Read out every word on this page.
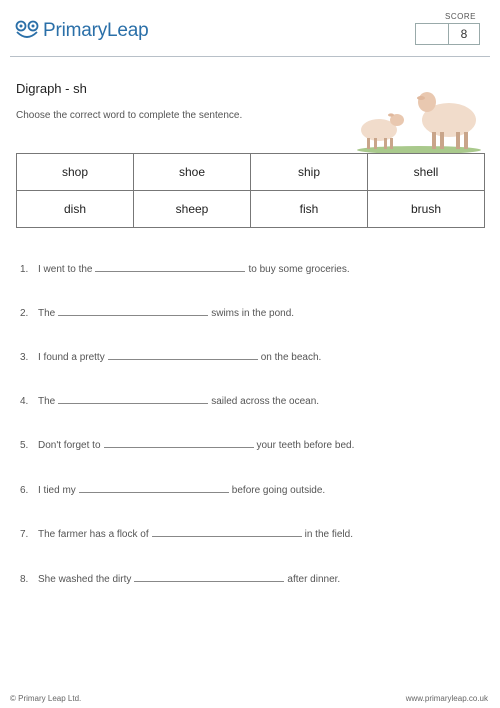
PrimaryLeap
SCORE
8
Digraph - sh
Choose the correct word to complete the sentence.
shop	shoe	ship	shell
dish	sheep	fish	brush
1. I went to the	to buy some groceries.
2. The	swims in the pond.
3. I found a pretty	on the beach.
4. The	sailed across the ocean.
5. Don't forget to	your teeth before bed.
6. I tied my	before going outside.
7. The farmer has a flock of	in the field.
8. She washed the dirty	after dinner.
© Primary Leap Ltd.	www.primaryleap.co.uk
